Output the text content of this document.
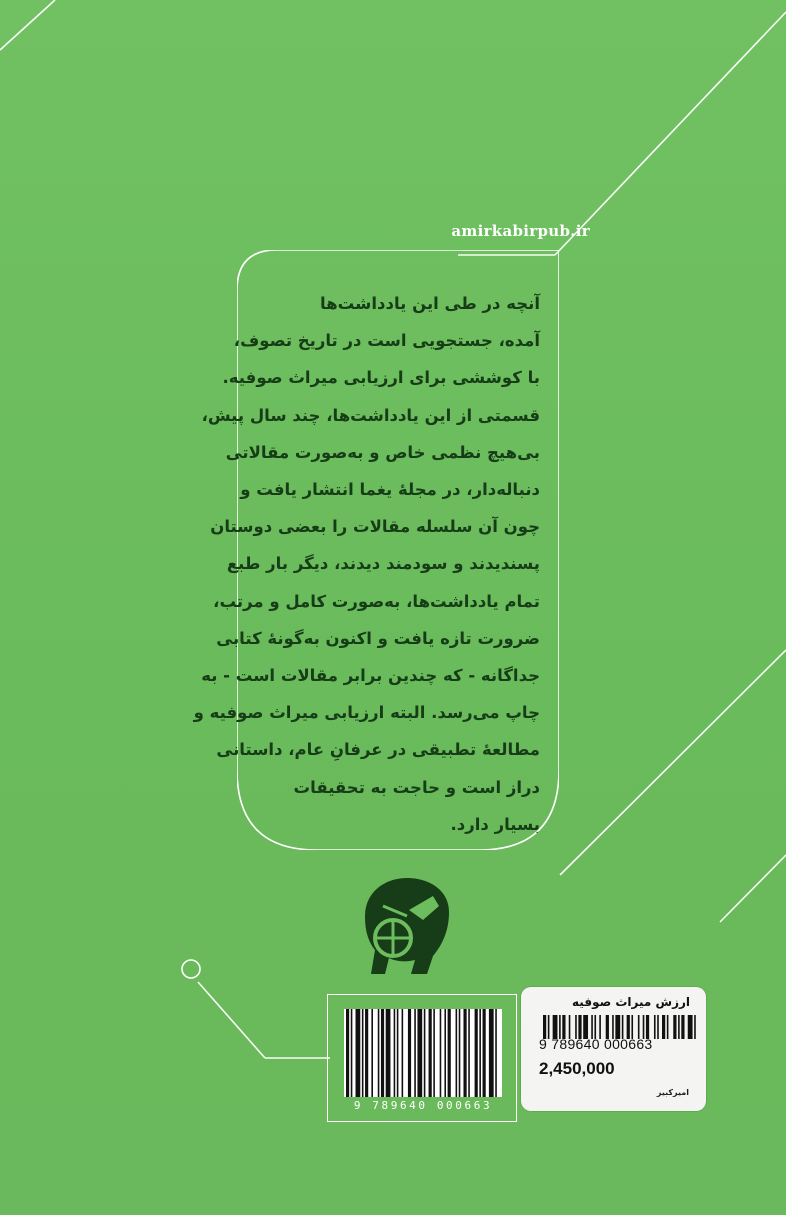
amirkabirpub.ir
آنچه در طی این یادداشت‌ها
آمده، جستجویی است در تاریخ تصوف،
با کوششی برای ارزیابی میراث صوفیه.
قسمتی از این یادداشت‌ها، چند سال پیش،
بی‌هیچ نظمی خاص و به‌صورت مقالاتی
دنباله‌دار، در مجلهٔ یغما انتشار یافت و
چون آن سلسله مقالات را بعضی دوستان
پسندیدند و سودمند دیدند، دیگر بار طبع
تمام یادداشت‌ها، به‌صورت کامل و مرتب،
ضرورت تازه یافت و اکنون به‌گونهٔ کتابی
جداگانه - که چندین برابر مقالات است - به
چاپ می‌رسد. البته ارزیابی میراث صوفیه و
مطالعهٔ تطبیقی در عرفانِ عام، داستانی
دراز است و حاجت به تحقیقات
بسیار دارد.
9 789640 000663
ارزش میراث صوفیه
9 789640 000663
2,450,000
امیرکبیر
